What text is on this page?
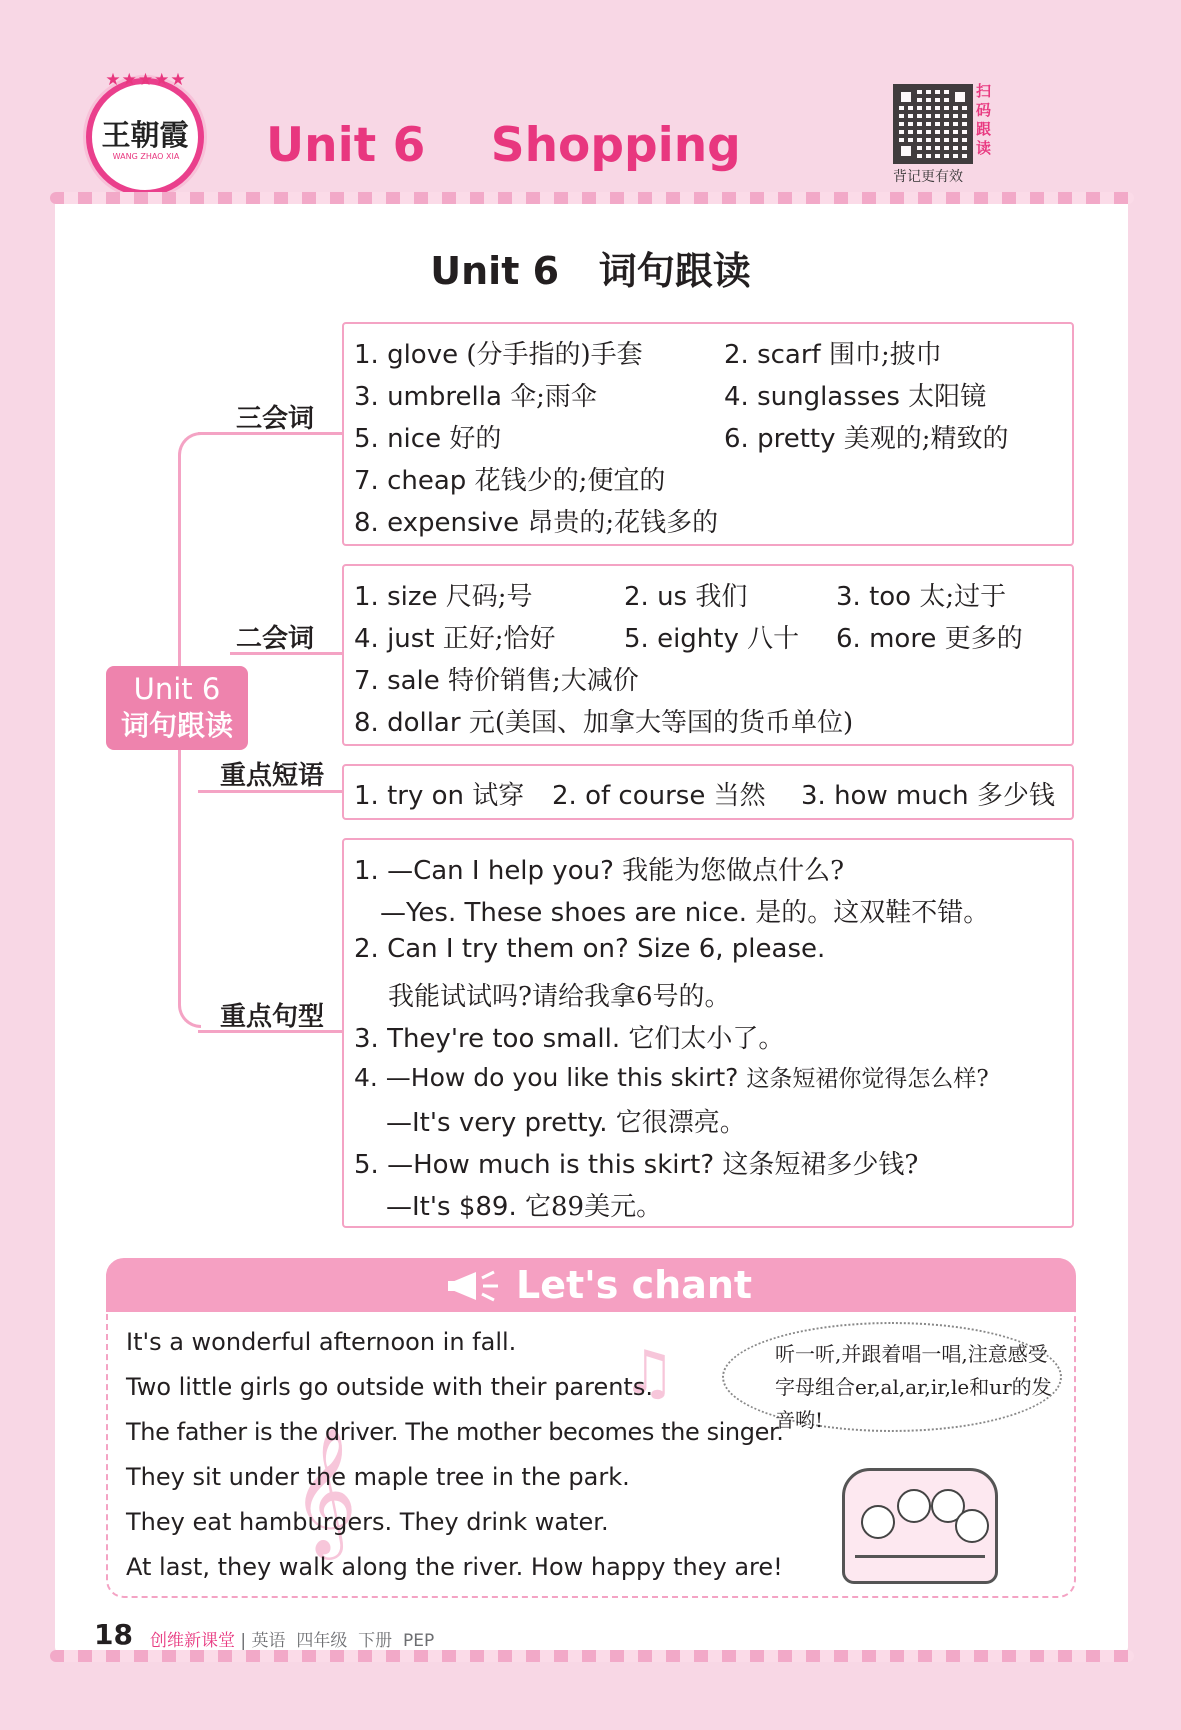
★★★★★
王朝霞
WANG ZHAO XIA Unit 6    Shopping
扫
码
跟
读
背记更有效
Unit 6   词句跟读
Unit 6
词句跟读
三会词
二会词
重点短语
重点句型
1. glove (分手指的)手套	2. scarf 围巾;披巾
3. umbrella 伞;雨伞	4. sunglasses 太阳镜
5. nice 好的	6. pretty 美观的;精致的
7. cheap 花钱少的;便宜的
8. expensive 昂贵的;花钱多的
1. size 尺码;号	2. us 我们	3. too 太;过于
4. just 正好;恰好	5. eighty 八十 6. more 更多的
7. sale 特价销售;大减价
8. dollar 元(美国、加拿大等国的货币单位)
1. try on 试穿 2. of course 当然 3. how much 多少钱
1. —Can I help you? 我能为您做点什么?
—Yes. These shoes are nice. 是的。这双鞋不错。
2. Can I try them on? Size 6, please.
我能试试吗?请给我拿6号的。
3. They're too small. 它们太小了。
4. —How do you like this skirt? 这条短裙你觉得怎么样?
—It's very pretty. 它很漂亮。
5. —How much is this skirt? 这条短裙多少钱?
—It's $89. 它89美元。
Let's chant
♫
𝄞
It's a wonderful afternoon in fall.
Two little girls go outside with their parents.
The father is the driver. The mother becomes the singer.
They sit under the maple tree in the park.
They eat hamburgers. They drink water.
At last, they walk along the river. How happy they are!
听一听,并跟着唱一唱,注意感受字母组合er,al,ar,ir,le和ur的发音哟!
18 创维新课堂 | 英语  四年级  下册  PEP
